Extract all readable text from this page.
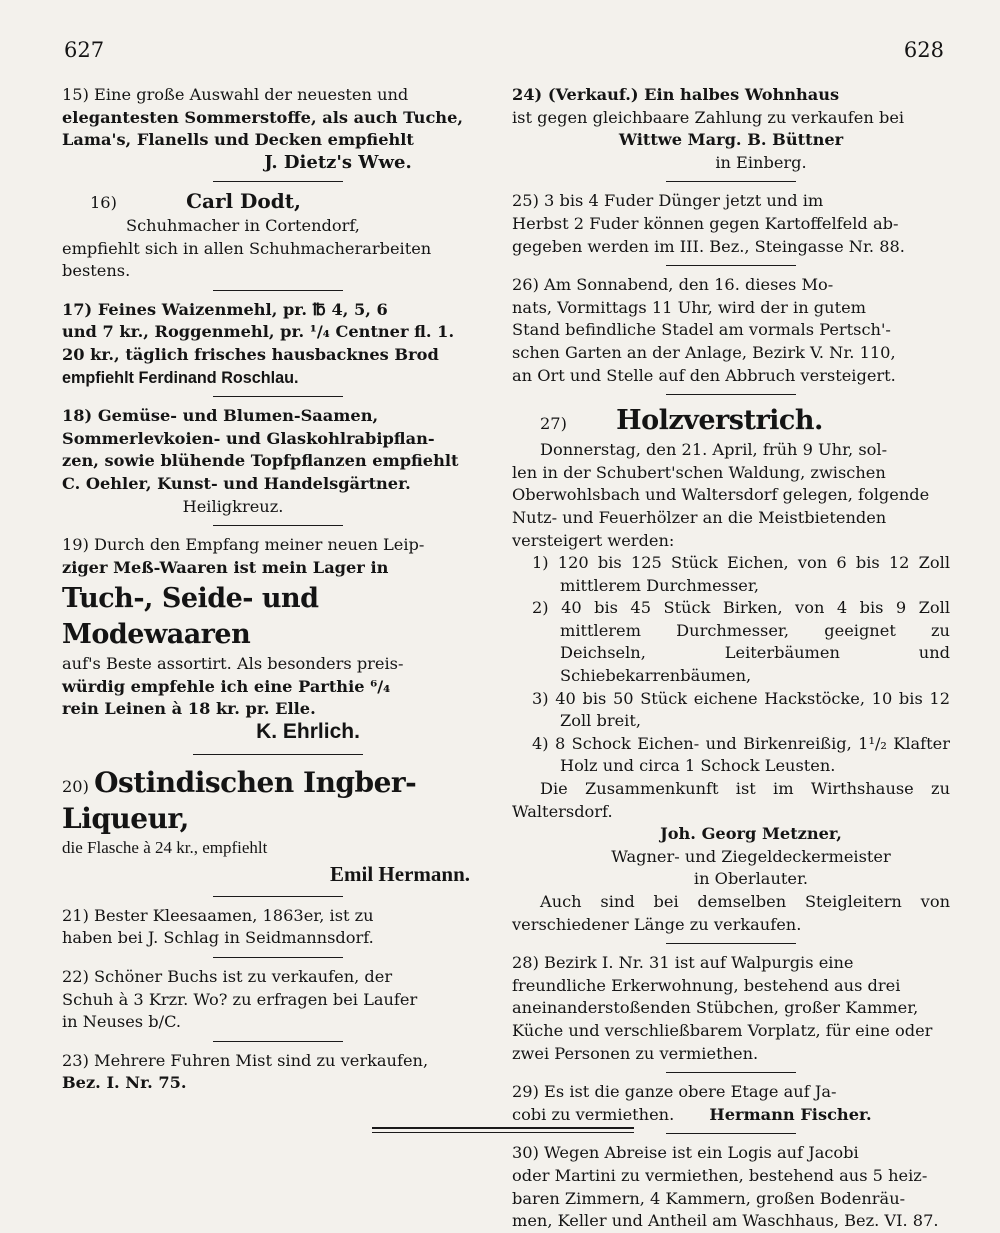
627	628

15) Eine große Auswahl der neuesten und

elegantesten Sommerstoffe, als auch Tuche,

Lama's, Flanells und Decken empfiehlt

J. Dietz's Wwe.

16)	Carl Dodt,

Schuhmacher in Cortendorf,

empfiehlt sich in allen Schuhmacherarbeiten bestens.

17) Feines Waizenmehl, pr. ℔ 4, 5, 6

und 7 kr., Roggenmehl, pr. ¹/₄ Centner fl. 1.

20 kr., täglich frisches hausbacknes Brod

empfiehlt Ferdinand Roschlau.

18) Gemüse- und Blumen-Saamen,

Sommerlevkoien- und Glaskohlrabipflan-

zen, sowie blühende Topfpflanzen empfiehlt

C. Oehler, Kunst- und Handelsgärtner.

Heiligkreuz.

19) Durch den Empfang meiner neuen Leip-

ziger Meß-Waaren ist mein Lager in

Tuch-, Seide- und Modewaaren

auf's Beste assortirt. Als besonders preis-

würdig empfehle ich eine Parthie ⁶/₄

rein Leinen à 18 kr. pr. Elle.

K. Ehrlich.

20) Ostindischen Ingber-Liqueur,

die Flasche à 24 kr., empfiehlt

Emil Hermann.

21) Bester Kleesaamen, 1863er, ist zu

haben bei J. Schlag in Seidmannsdorf.

22) Schöner Buchs ist zu verkaufen, der

Schuh à 3 Krzr. Wo? zu erfragen bei Laufer

in Neuses b/C.

23) Mehrere Fuhren Mist sind zu verkaufen,

Bez. I. Nr. 75.

24) (Verkauf.) Ein halbes Wohnhaus

ist gegen gleichbaare Zahlung zu verkaufen bei

Wittwe Marg. B. Büttner

in Einberg.

25) 3 bis 4 Fuder Dünger jetzt und im

Herbst 2 Fuder können gegen Kartoffelfeld ab-

gegeben werden im III. Bez., Steingasse Nr. 88.

26) Am Sonnabend, den 16. dieses Mo-

nats, Vormittags 11 Uhr, wird der in gutem

Stand befindliche Stadel am vormals Pertsch'-

schen Garten an der Anlage, Bezirk V. Nr. 110,

an Ort und Stelle auf den Abbruch versteigert.

27) Holzverstrich.

Donnerstag, den 21. April, früh 9 Uhr, sol-

len in der Schubert'schen Waldung, zwischen

Oberwohlsbach und Waltersdorf gelegen, folgende

Nutz- und Feuerhölzer an die Meistbietenden

versteigert werden:

1) 120 bis 125 Stück Eichen, von 6 bis 12 Zoll mittlerem Durchmesser,

2) 40 bis 45 Stück Birken, von 4 bis 9 Zoll mittlerem Durchmesser, geeignet zu Deichseln, Leiterbäumen und Schiebekarrenbäumen,

3) 40 bis 50 Stück eichene Hackstöcke, 10 bis 12 Zoll breit,

4) 8 Schock Eichen- und Birkenreißig, 1¹/₂ Klafter Holz und circa 1 Schock Leusten.

Die Zusammenkunft ist im Wirthshause zu Waltersdorf.

Joh. Georg Metzner,

Wagner- und Ziegeldeckermeister

in Oberlauter.

Auch sind bei demselben Steigleitern von verschiedener Länge zu verkaufen.

28) Bezirk I. Nr. 31 ist auf Walpurgis eine

freundliche Erkerwohnung, bestehend aus drei

aneinanderstoßenden Stübchen, großer Kammer,

Küche und verschließbarem Vorplatz, für eine oder

zwei Personen zu vermiethen.

29) Es ist die ganze obere Etage auf Ja-

cobi zu vermiethen. Hermann Fischer.

30) Wegen Abreise ist ein Logis auf Jacobi

oder Martini zu vermiethen, bestehend aus 5 heiz-

baren Zimmern, 4 Kammern, großen Bodenräu-

men, Keller und Antheil am Waschhaus, Bez. VI. 87.
